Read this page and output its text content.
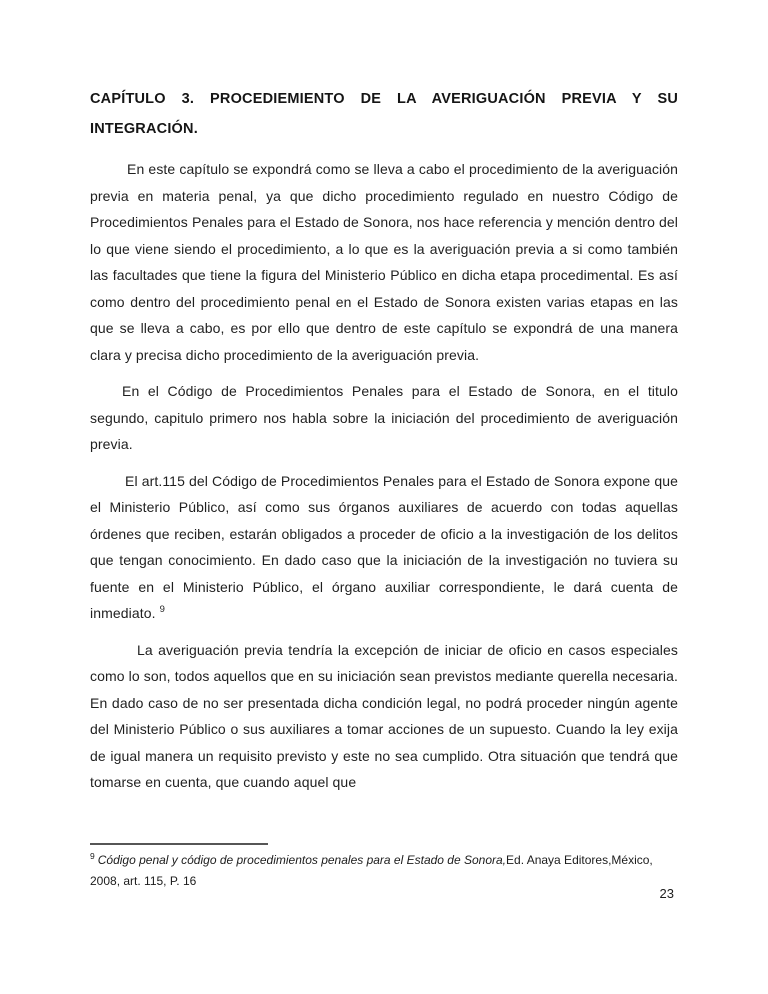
CAPÍTULO 3. PROCEDIEMIENTO DE LA AVERIGUACIÓN PREVIA Y SU INTEGRACIÓN.

En este capítulo se expondrá como se lleva a cabo el procedimiento de la averiguación previa en materia penal, ya que dicho procedimiento regulado en nuestro Código de Procedimientos Penales para el Estado de Sonora, nos hace referencia y mención dentro del lo que viene siendo el procedimiento, a lo que es la averiguación previa a si como también las facultades que tiene la figura del Ministerio Público en dicha etapa procedimental. Es así como dentro del procedimiento penal en el Estado de Sonora existen varias etapas en las que se lleva a cabo, es por ello que dentro de este capítulo se expondrá de una manera clara y precisa dicho procedimiento de la averiguación previa.

En el Código de Procedimientos Penales para el Estado de Sonora, en el titulo segundo, capitulo primero nos habla sobre la iniciación del procedimiento de averiguación previa.

El art.115 del Código de Procedimientos Penales para el Estado de Sonora expone que el Ministerio Público, así como sus órganos auxiliares de acuerdo con todas aquellas órdenes que reciben, estarán obligados a proceder de oficio a la investigación de los delitos que tengan conocimiento. En dado caso que la iniciación de la investigación no tuviera su fuente en el Ministerio Público, el órgano auxiliar correspondiente, le dará cuenta de inmediato. $^9$

La averiguación previa tendría la excepción de iniciar de oficio en casos especiales como lo son, todos aquellos que en su iniciación sean previstos mediante querella necesaria. En dado caso de no ser presentada dicha condición legal, no podrá proceder ningún agente del Ministerio Público o sus auxiliares a tomar acciones de un supuesto. Cuando la ley exija de igual manera un requisito previsto y este no sea cumplido. Otra situación que tendrá que tomarse en cuenta, que cuando aquel que

$^9$ Código penal y código de procedimientos penales para el Estado de Sonora,Ed. Anaya Editores,México, 2008, art. 115, P. 16
23
